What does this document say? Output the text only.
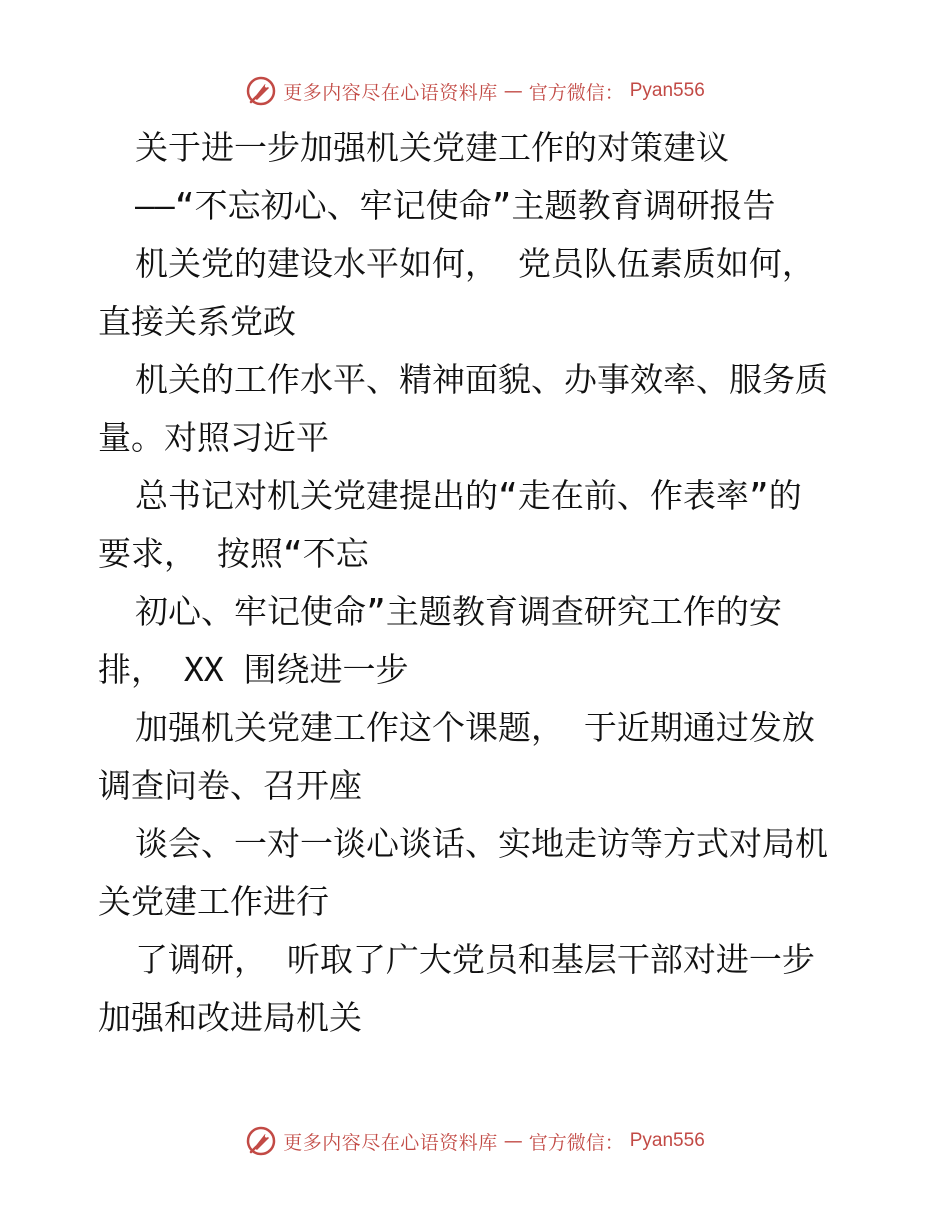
更多内容尽在心语资料库 — 官方微信： Pyan556
关于进一步加强机关党建工作的对策建议
——“不忘初心、牢记使命”主题教育调研报告
机关党的建设水平如何， 党员队伍素质如何，
直接关系党政
机关的工作水平、精神面貌、办事效率、服务质
量。对照习近平
总书记对机关党建提出的“走在前、作表率”的
要求， 按照“不忘
初心、牢记使命”主题教育调查研究工作的安
排， XX 围绕进一步
加强机关党建工作这个课题， 于近期通过发放
调查问卷、召开座
谈会、一对一谈心谈话、实地走访等方式对局机
关党建工作进行
了调研， 听取了广大党员和基层干部对进一步
加强和改进局机关
更多内容尽在心语资料库 — 官方微信： Pyan556
